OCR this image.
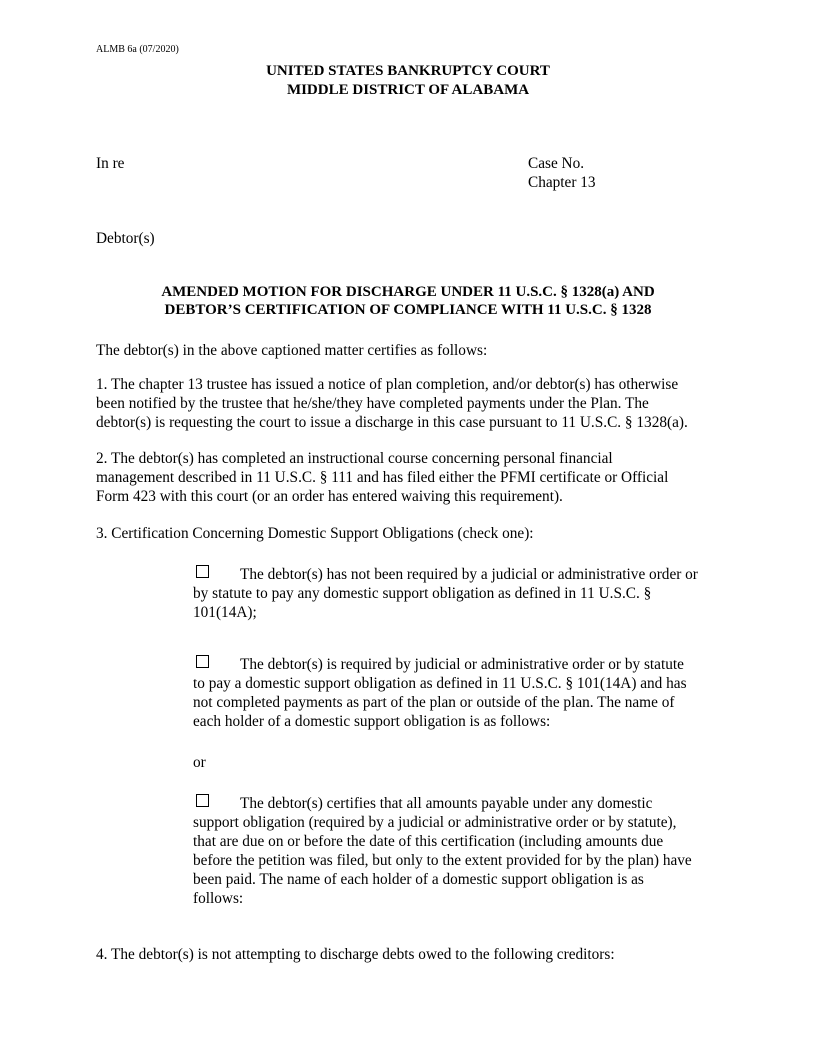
ALMB 6a (07/2020)
UNITED STATES BANKRUPTCY COURT
MIDDLE DISTRICT OF ALABAMA
In re	Case No.
Chapter 13
Debtor(s)
AMENDED MOTION FOR DISCHARGE UNDER 11 U.S.C. § 1328(a) AND
DEBTOR’S CERTIFICATION OF COMPLIANCE WITH 11 U.S.C. § 1328
The debtor(s) in the above captioned matter certifies as follows:
1. The chapter 13 trustee has issued a notice of plan completion, and/or debtor(s) has otherwise
been notified by the trustee that he/she/they have completed payments under the Plan. The
debtor(s) is requesting the court to issue a discharge in this case pursuant to 11 U.S.C. § 1328(a).
2. The debtor(s) has completed an instructional course concerning personal financial
management described in 11 U.S.C. § 111 and has filed either the PFMI certificate or Official
Form 423 with this court (or an order has entered waiving this requirement).
3. Certification Concerning Domestic Support Obligations (check one):
The debtor(s) has not been required by a judicial or administrative order or
by statute to pay any domestic support obligation as defined in 11 U.S.C. §
101(14A);
The debtor(s) is required by judicial or administrative order or by statute
to pay a domestic support obligation as defined in 11 U.S.C. § 101(14A) and has
not completed payments as part of the plan or outside of the plan. The name of
each holder of a domestic support obligation is as follows:
or
The debtor(s) certifies that all amounts payable under any domestic
support obligation (required by a judicial or administrative order or by statute),
that are due on or before the date of this certification (including amounts due
before the petition was filed, but only to the extent provided for by the plan) have
been paid. The name of each holder of a domestic support obligation is as
follows:
4. The debtor(s) is not attempting to discharge debts owed to the following creditors:
